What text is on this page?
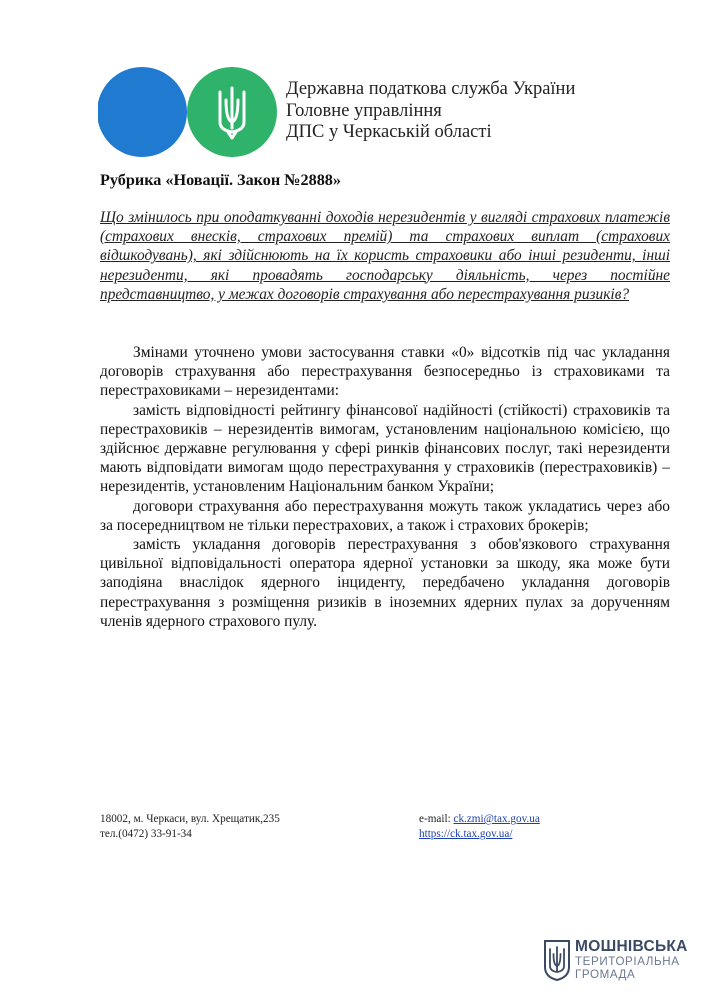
Державна податкова служба України
Головне управління
ДПС у Черкаській області
Рубрика «Новації. Закон №2888»
Що змінилось при оподаткуванні доходів нерезидентів у вигляді страхових платежів (страхових внесків, страхових премій) та страхових виплат (страхових відшкодувань), які здійснюють на їх користь страховики або інші резиденти, інші нерезиденти, які провадять господарську діяльність, через постійне представництво, у межах договорів страхування або перестрахування ризиків?

Змінами уточнено умови застосування ставки «0» відсотків під час укладання договорів страхування або перестрахування безпосередньо із страховиками та перестраховиками – нерезидентами:

замість відповідності рейтингу фінансової надійності (стійкості) страховиків та перестраховиків – нерезидентів вимогам, установленим національною комісією, що здійснює державне регулювання у сфері ринків фінансових послуг, такі нерезиденти мають відповідати вимогам щодо перестрахування у страховиків (перестраховиків) – нерезидентів, установленим Національним банком України;

договори страхування або перестрахування можуть також укладатись через або за посередництвом не тільки перестрахових, а також і страхових брокерів;

замість укладання договорів перестрахування з обов'язкового страхування цивільної відповідальності оператора ядерної установки за шкоду, яка може бути заподіяна внаслідок ядерного інциденту, передбачено укладання договорів перестрахування з розміщення ризиків в іноземних ядерних пулах за дорученням членів ядерного страхового пулу.

18002, м. Черкаси, вул. Хрещатик,235
тел.(0472) 33-91-34
e-mail: ck.zmi@tax.gov.ua
https://ck.tax.gov.ua/
МОШНІВСЬКА
ТЕРИТОРІАЛЬНА
ГРОМАДА
